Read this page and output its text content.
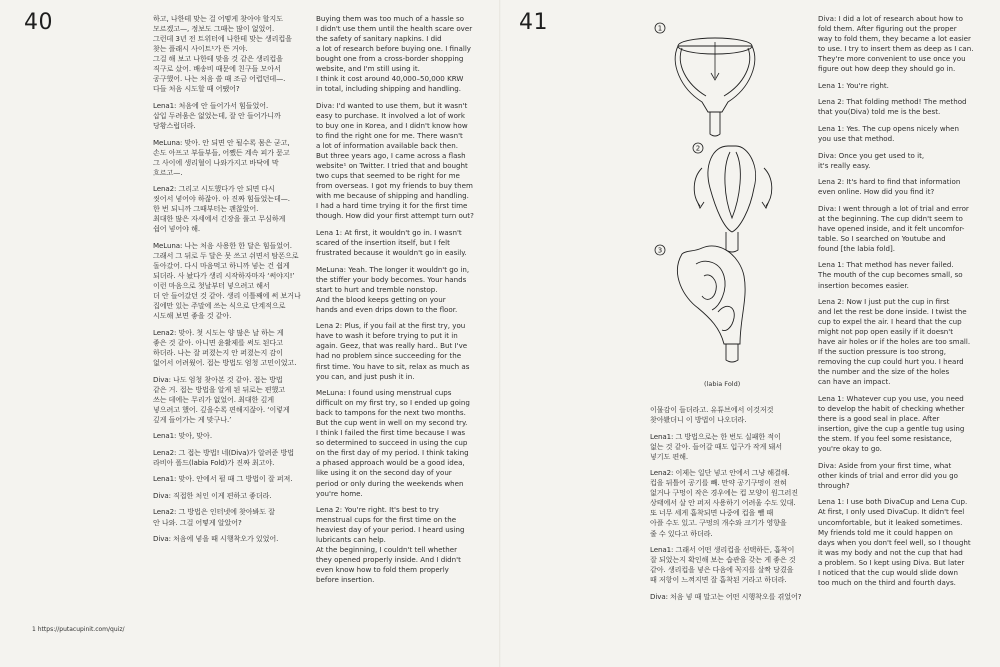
40	하고, 나한테 맞는 걸 어떻게 찾아야 할지도
모르겠고—, 정보도 그때는 많이 없었어.
그런데 3년 전 트위터에 나한테 맞는 생리컵을
찾는 플래시 사이트¹가 뜬 거야.
그걸 해 보고 나한테 맞을 것 같은 생리컵을
직구로 샀어. 배송비 때문에 친구들 모아서
공구했어. 나는 처음 쓸 때 조금 어렵던데—.
다들 처음 시도할 때 어땠어?

Lena1: 처음에 안 들어가서 힘들었어.
삽입 두려움은 없었는데, 잘 안 들어가니까
당황스럽더라.

MeLuna: 맞아. 안 되면 안 될수록 몸은 굳고,
손도 아프고 부들부들, 어쨌든 계속 피가 묻고
그 사이에 생리혈이 나와가지고 바닥에 막
흐르고—.

Lena2: 그리고 시도했다가 안 되면 다시
씻어서 넣어야 하잖아. 아 진짜 힘들었는데—.
한 번 되니까 그때부터는 괜찮았어.
최대한 많은 자세에서 긴장을 풀고 무심하게
쉽어 넣어야 해.

MeLuna: 나는 처음 사용한 한 달은 힘들었어.
그래서 그 뒤로 두 달은 못 쓰고 쉬면서 탐폰으로
돌아갔어. 다시 마음먹고 하니까 넣는 건 쉽게
되더라. 사 놨다가 생리 시작하자마자 ‘써야지!’
이런 마음으로 첫날부터 넣으려고 해서
더 안 들어갔던 것 같아. 생리 이틀째에 써 보거나
집에만 있는 주말에 쓰는 식으로 단계적으로
시도해 보면 좋을 것 같아.

Lena2: 맞아. 첫 시도는 양 많은 날 하는 게
좋은 것 같아. 아니면 윤활제를 써도 된다고
하더라. 나는 잘 퍼졌는지 안 퍼졌는지 감이
없어서 어려웠어. 접는 방법도 엄청 고민이었고.

Diva: 나도 엄청 찾아본 것 같아. 접는 방법
같은 거. 접는 방법을 알게 된 뒤로는 편했고
쓰는 데에는 무리가 없었어. 최대한 깊게
넣으려고 했어. 깊을수록 편해지잖아. ‘이렇게
깊게 들어가는 게 맞구나.’

Lena1: 맞아, 맞아.

Lena2: 그 접는 방법! 네(Diva)가 알려준 방법
라비아 폴드(labia Fold)가 진짜 최고야.

Lena1: 맞아. 안에서 펄 때 그 방법이 잘 퍼져.

Diva: 직접한 처인 이게 편하고 좋더라.

Lena2: 그 방법은 인터넷에 찾아봐도 잘
안 나와. 그걸 어떻게 알았어?

Diva: 처음에 넣을 때 시행착오가 있었어.

Buying them was too much of a hassle so
I didn't use them until the health scare over
the safety of sanitary napkins. I did
a lot of research before buying one. I finally
bought one from a cross-border shopping
website, and I'm still using it.
I think it cost around 40,000–50,000 KRW
in total, including shipping and handling.

Diva: I'd wanted to use them, but it wasn't
easy to purchase. It involved a lot of work
to buy one in Korea, and I didn't know how
to find the right one for me. There wasn't
a lot of information available back then.
But three years ago, I came across a flash
website¹ on Twitter. I tried that and bought
two cups that seemed to be right for me
from overseas. I got my friends to buy them
with me because of shipping and handling.
I had a hard time trying it for the first time
though. How did your first attempt turn out?

Lena 1: At first, it wouldn't go in. I wasn't
scared of the insertion itself, but I felt
frustrated because it wouldn't go in easily.

MeLuna: Yeah. The longer it wouldn't go in,
the stiffer your body becomes. Your hands
start to hurt and tremble nonstop.
And the blood keeps getting on your
hands and even drips down to the floor.

Lena 2: Plus, if you fail at the first try, you
have to wash it before trying to put it in
again. Geez, that was really hard.. But I've
had no problem since succeeding for the
first time. You have to sit, relax as much as
you can, and just push it in.

MeLuna: I found using menstrual cups
difficult on my first try, so I ended up going
back to tampons for the next two months.
But the cup went in well on my second try.
I think I failed the first time because I was
so determined to succeed in using the cup
on the first day of my period. I think taking
a phased approach would be a good idea,
like using it on the second day of your
period or only during the weekends when
you're home.

Lena 2: You're right. It's best to try
menstrual cups for the first time on the
heaviest day of your period. I heard using
lubricants can help.
At the beginning, I couldn't tell whether
they opened properly inside. And I didn't
even know how to fold them properly
before insertion.

1 https://putacupinit.com/quiz/
41	1
2
3
(labia Fold)

이물감이 들더라고. 유튜브에서 이것저것
찾아봤더니 이 방법이 나오더라.

Lena1: 그 방법으로는 한 번도 실패한 적이
없는 것 같아. 들어갈 때도 입구가 작게 돼서
넣기도 편해.

Lena2: 이제는 일단 넣고 안에서 그냥 해결해.
컵을 뒤틀어 공기를 빼. 만약 공기구멍이 전혀
없거나 구멍이 작은 경우에는 컵 모양이 원그러진
상태에서 살 안 퍼저 사용하기 어려울 수도 있대.
또 너무 세게 흡착되면 나중에 컵을 뺄 때
아플 수도 있고. 구멍의 개수와 크기가 영향을
줄 수 있다고 하더라.

Lena1: 그래서 어떤 생리컵을 선택하든, 흡착이
잘 되었는지 확인해 보는 습관을 갖는 게 좋은 것
같아. 생리컵을 넣은 다음에 꼭지를 살짝 당겼을
때 저항이 느껴지면 잘 흡착된 거라고 하더라.

Diva: 처음 넣 때 말고는 어떤 시행착오를 겪었어?

Diva: I did a lot of research about how to
fold them. After figuring out the proper
way to fold them, they became a lot easier
to use. I try to insert them as deep as I can.
They're more convenient to use once you
figure out how deep they should go in.

Lena 1: You're right.

Lena 2: That folding method! The method
that you(Diva) told me is the best.

Lena 1: Yes. The cup opens nicely when
you use that method.

Diva: Once you get used to it,
it's really easy.

Lena 2: It's hard to find that information
even online. How did you find it?

Diva: I went through a lot of trial and error
at the beginning. The cup didn't seem to
have opened inside, and it felt uncomfor-
table. So I searched on Youtube and
found [the labia fold].

Lena 1: That method has never failed.
The mouth of the cup becomes small, so
insertion becomes easier.

Lena 2: Now I just put the cup in first
and let the rest be done inside. I twist the
cup to expel the air. I heard that the cup
might not pop open easily if it doesn't
have air holes or if the holes are too small.
If the suction pressure is too strong,
removing the cup could hurt you. I heard
the number and the size of the holes
can have an impact.

Lena 1: Whatever cup you use, you need
to develop the habit of checking whether
there is a good seal in place. After
insertion, give the cup a gentle tug using
the stem. If you feel some resistance,
you're okay to go.

Diva: Aside from your first time, what
other kinds of trial and error did you go
through?

Lena 1: I use both DivaCup and Lena Cup.
At first, I only used DivaCup. It didn't feel
uncomfortable, but it leaked sometimes.
My friends told me it could happen on
days when you don't feel well, so I thought
it was my body and not the cup that had
a problem. So I kept using Diva. But later
I noticed that the cup would slide down
too much on the third and fourth days.
